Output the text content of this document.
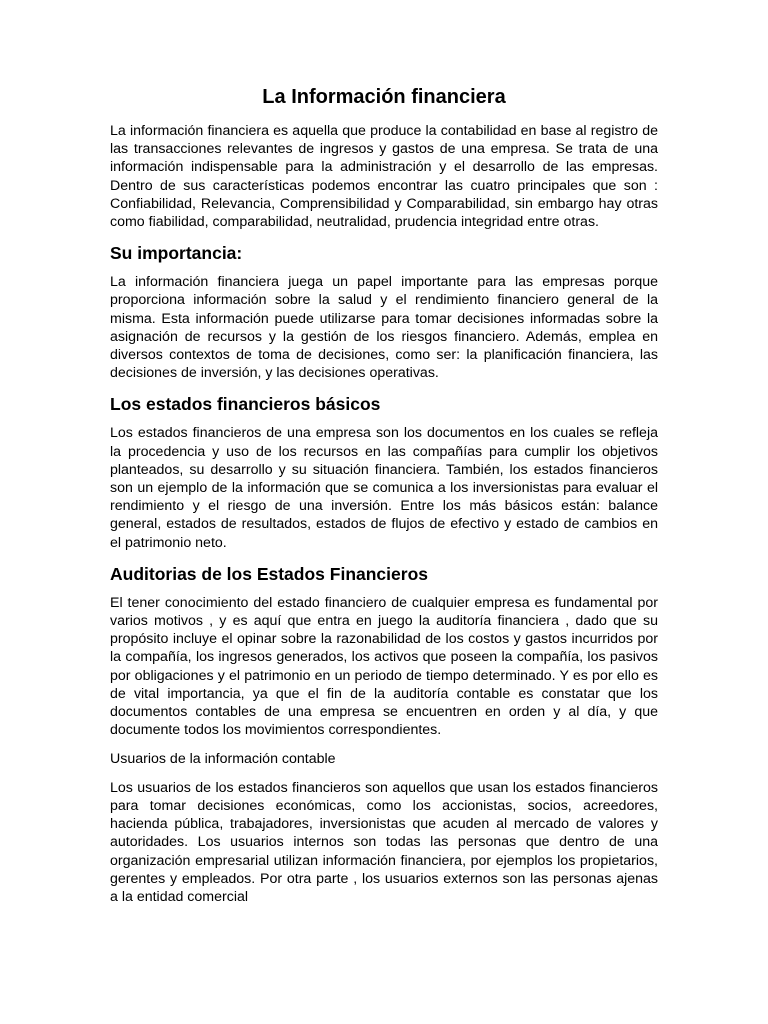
La Información financiera

La información financiera es aquella que produce la contabilidad en base al registro de las transacciones relevantes de ingresos y gastos de una empresa. Se trata de una información indispensable para la administración y el desarrollo de las empresas. Dentro de sus características podemos encontrar las cuatro principales que son : Confiabilidad, Relevancia, Comprensibilidad y Comparabilidad, sin embargo hay otras como fiabilidad, comparabilidad, neutralidad, prudencia integridad entre otras.

Su importancia:

La información financiera juega un papel importante para las empresas porque proporciona información sobre la salud y el rendimiento financiero general de la misma. Esta información puede utilizarse para tomar decisiones informadas sobre la asignación de recursos y la gestión de los riesgos financiero. Además, emplea en diversos contextos de toma de decisiones, como ser: la planificación financiera, las decisiones de inversión, y las decisiones operativas.

Los estados financieros básicos

Los estados financieros de una empresa son los documentos en los cuales se refleja la procedencia y uso de los recursos en las compañías para cumplir los objetivos planteados, su desarrollo y su situación financiera. También, los estados financieros son un ejemplo de la información que se comunica a los inversionistas para evaluar el rendimiento y el riesgo de una inversión. Entre los más básicos están: balance general, estados de resultados, estados de flujos de efectivo y estado de cambios en el patrimonio neto.

Auditorias de los Estados Financieros

El tener conocimiento del estado financiero de cualquier empresa es fundamental por varios motivos , y es aquí que entra en juego la auditoría financiera , dado que su propósito incluye el opinar sobre la razonabilidad de los costos y gastos incurridos por la compañía, los ingresos generados, los activos que poseen la compañía, los pasivos por obligaciones y el patrimonio en un periodo de tiempo determinado. Y es por ello es de vital importancia, ya que el fin de la auditoría contable es constatar que los documentos contables de una empresa se encuentren en orden y al día, y que documente todos los movimientos correspondientes.

Usuarios de la información contable

Los usuarios de los estados financieros son aquellos que usan los estados financieros para tomar decisiones económicas, como los accionistas, socios, acreedores, hacienda pública, trabajadores, inversionistas que acuden al mercado de valores y autoridades. Los usuarios internos son todas las personas que dentro de una organización empresarial utilizan información financiera, por ejemplos los propietarios, gerentes y empleados. Por otra parte , los usuarios externos son las personas ajenas a la entidad comercial
